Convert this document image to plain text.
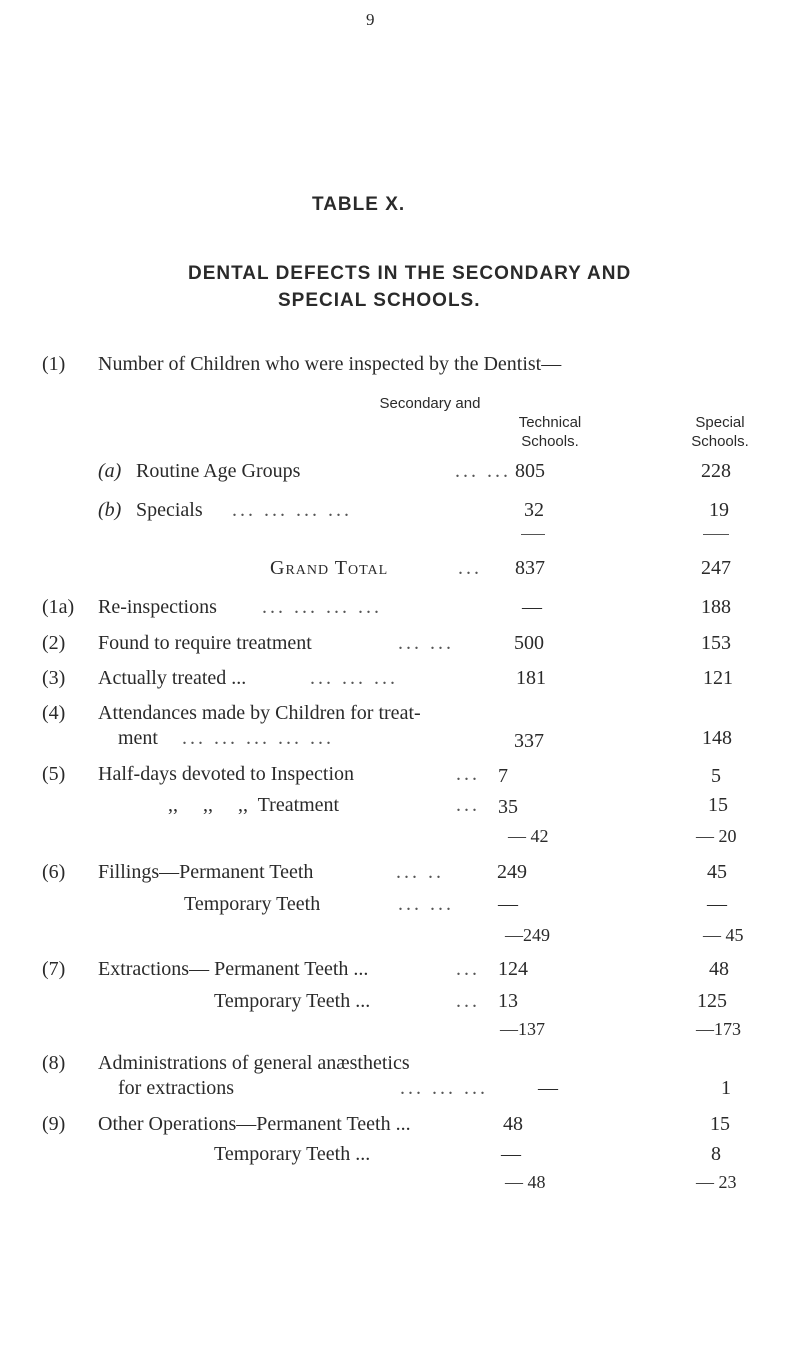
9
TABLE X.
DENTAL DEFECTS IN THE SECONDARY AND
SPECIAL SCHOOLS.
(1) Number of Children who were inspected by the Dentist—
Secondary and
Technical
Schools.
Special
Schools.
(a) Routine Age Groups	... ... 805	228
(b) Specials ... ... ... ...	32	19
Grand Total	... 837	247
(1a) Re-inspections ... ... ... ...	—	188
(2) Found to require treatment	... ...	500	153
(3) Actually treated ...	... ... ...	181	121
(4) Attendances made by Children for treat-
ment ... ... ... ... ...	337	148
(5) Half-days devoted to Inspection	... 7	5
,,     ,,     ,,  Treatment	... 35	15
— 42	— 20
(6) Fillings—Permanent Teeth	... ..	249	45
Temporary Teeth	... ... —	—
—249	— 45
(7) Extractions— Permanent Teeth ...	... 124	48
Temporary Teeth ...	... 13	125
—137	—173
(8) Administrations of general anæsthetics
for extractions	... ... ...	—	1
(9) Other Operations—Permanent Teeth ...	48	15
Temporary Teeth ...	—	8
— 48	— 23
